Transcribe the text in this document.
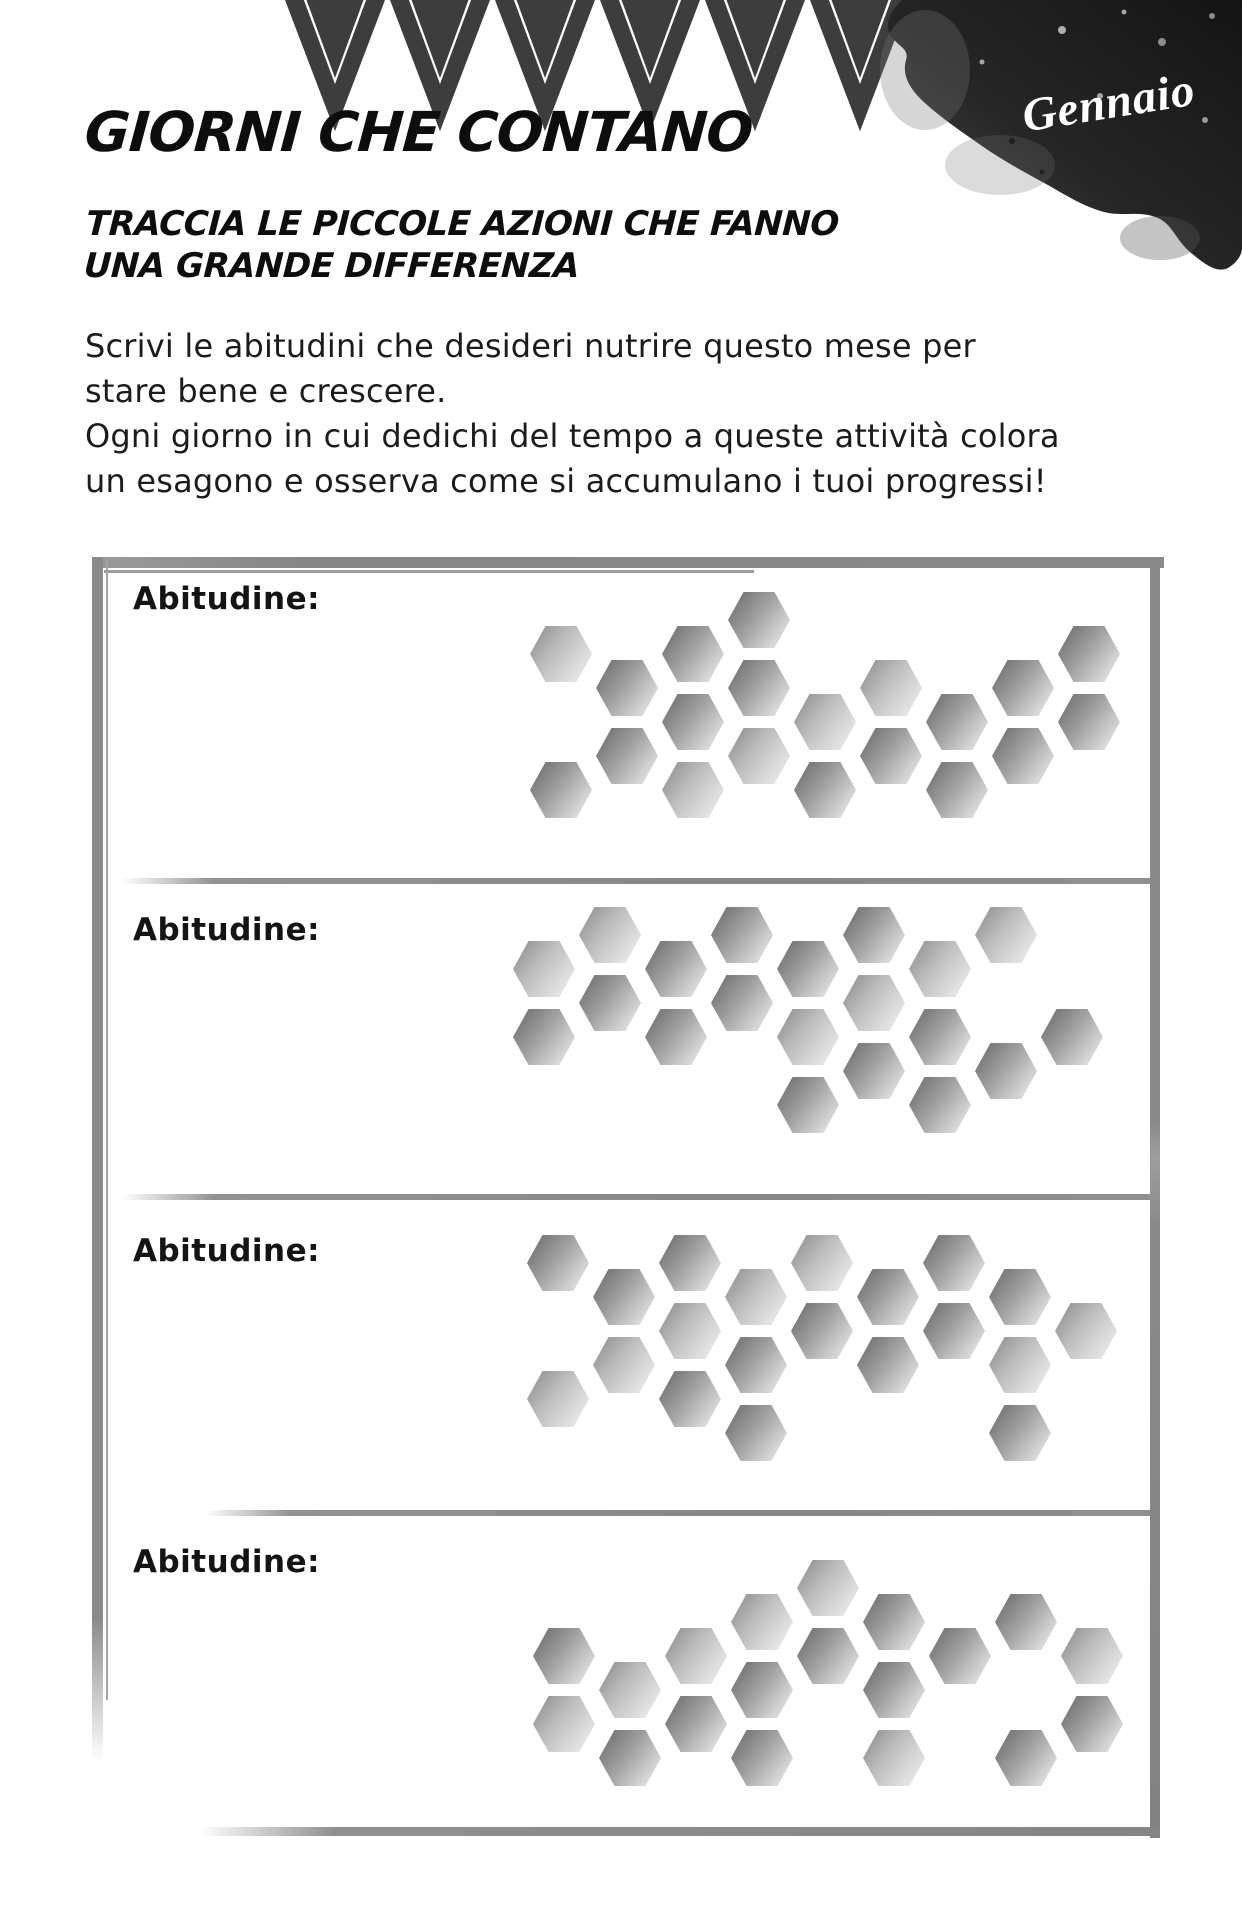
Gennaio
GIORNI CHE CONTANO
TRACCIA LE PICCOLE AZIONI CHE FANNO
UNA GRANDE DIFFERENZA
Scrivi le abitudini che desideri nutrire questo mese per
stare bene e crescere.
Ogni giorno in cui dedichi del tempo a queste attività colora
un esagono e osserva come si accumulano i tuoi progressi!
Abitudine:
Abitudine:
Abitudine:
Abitudine:
